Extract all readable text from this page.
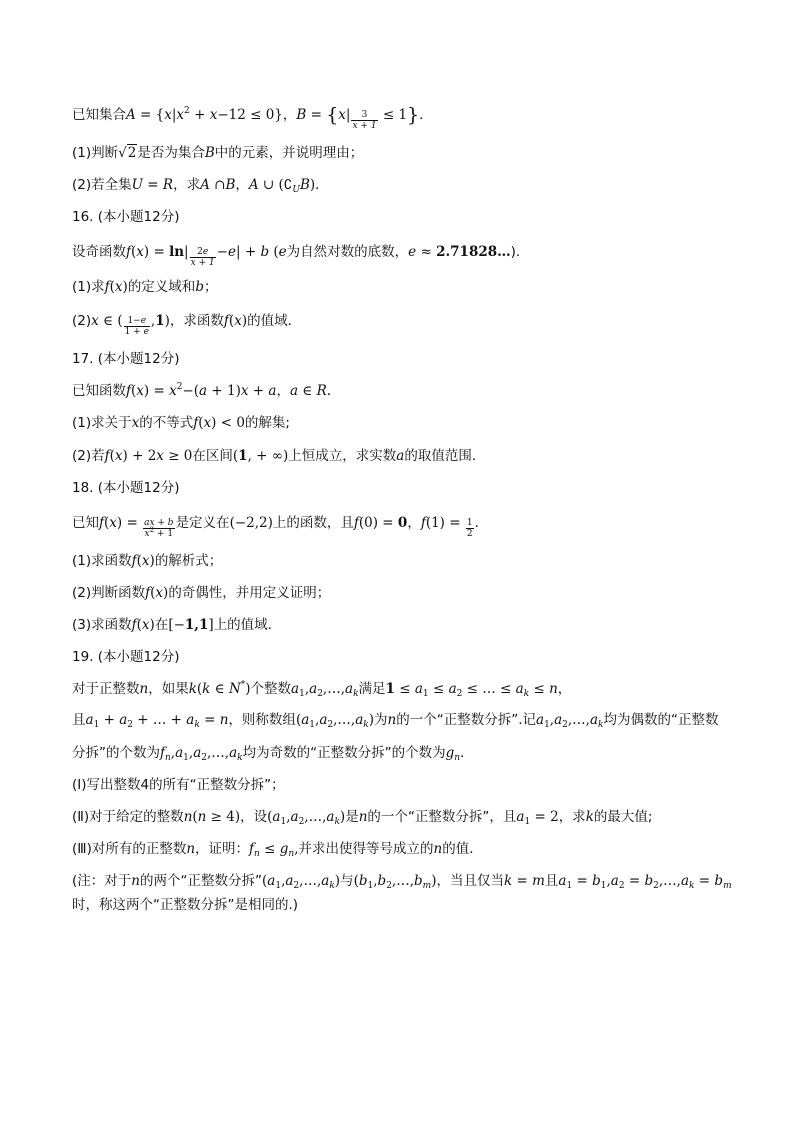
已知集合$A = \{x|x^2 + x-12 \le 0\}$，$B = \{x| \frac{3}{x + 1} \le 1\}$．
(1)判断√2是否为集合B中的元素，并说明理由；
(2)若全集U = R，求A ∩B，A ∪ $(∁_UB)$．
16. (本小题12分)
设奇函数$f(x) = \ln| \frac{2e}{x + 1} -e| + b$ (e为自然对数的底数，e ≈ 2.71828…).
(1)求f(x)的定义域和b；
(2)x ∈ ( $\frac{1-e}{1 + e} ,1$)，求函数f(x)的值域．
17. (本小题12分)
已知函数$f(x) = x^2-(a + 1)x + a$，a ∈ R.
(1)求关于x的不等式f(x) < 0的解集;
(2)若f(x) + 2x ≥ 0在区间(1, + ∞)上恒成立，求实数a的取值范围．
18. (本小题12分)
已知$f(x) = \frac{ax + b}{x^2 + 1}$ 是定义在(−2,2)上的函数，且f(0) = 0，$f(1) = \frac{1}{2}$ ．
(1)求函数f(x)的解析式；
(2)判断函数f(x)的奇偶性，并用定义证明；
(3)求函数f(x)在[−1,1]上的值域．
19. (本小题12分)
对于正整数n，如果k(k ∈ N*)个整数$a_1,a_2,\dots,a_k$满足$1 \le a_1 \le a_2$ ≤ … ≤ $a_k \le n$，
且$a_1 + a_2$ + … + $a_k = n$，则称数组$(a_1,a_2,\dots,a_k)$为n的一个“正整数分拆”.记$a_1,a_2,\dots,a_k$均为偶数的“正整数
分拆”的个数为$f_n,a_1,a_2,\dots,a_k$均为奇数的“正整数分拆”的个数为$g_n$．
(Ⅰ)写出整数4的所有“正整数分拆”；
(Ⅱ)对于给定的整数n(n ≥ 4)，设$(a_1,a_2,\dots,a_k)$是n的一个“正整数分拆”，且$a_1 = 2$，求k的最大值;
(Ⅲ)对所有的正整数n，证明：$f_n \le g_n$,并求出使得等号成立的n的值．
(注：对于n的两个“正整数分拆$”(a_1,a_2,\dots,a_k)$与$(b_1,b_2,\dots,b_m)$，当且仅当k = m且$a_1 = b_1,a_2$ = $b_2,\dots,a_k = b_m$
时，称这两个“正整数分拆”是相同的.)
